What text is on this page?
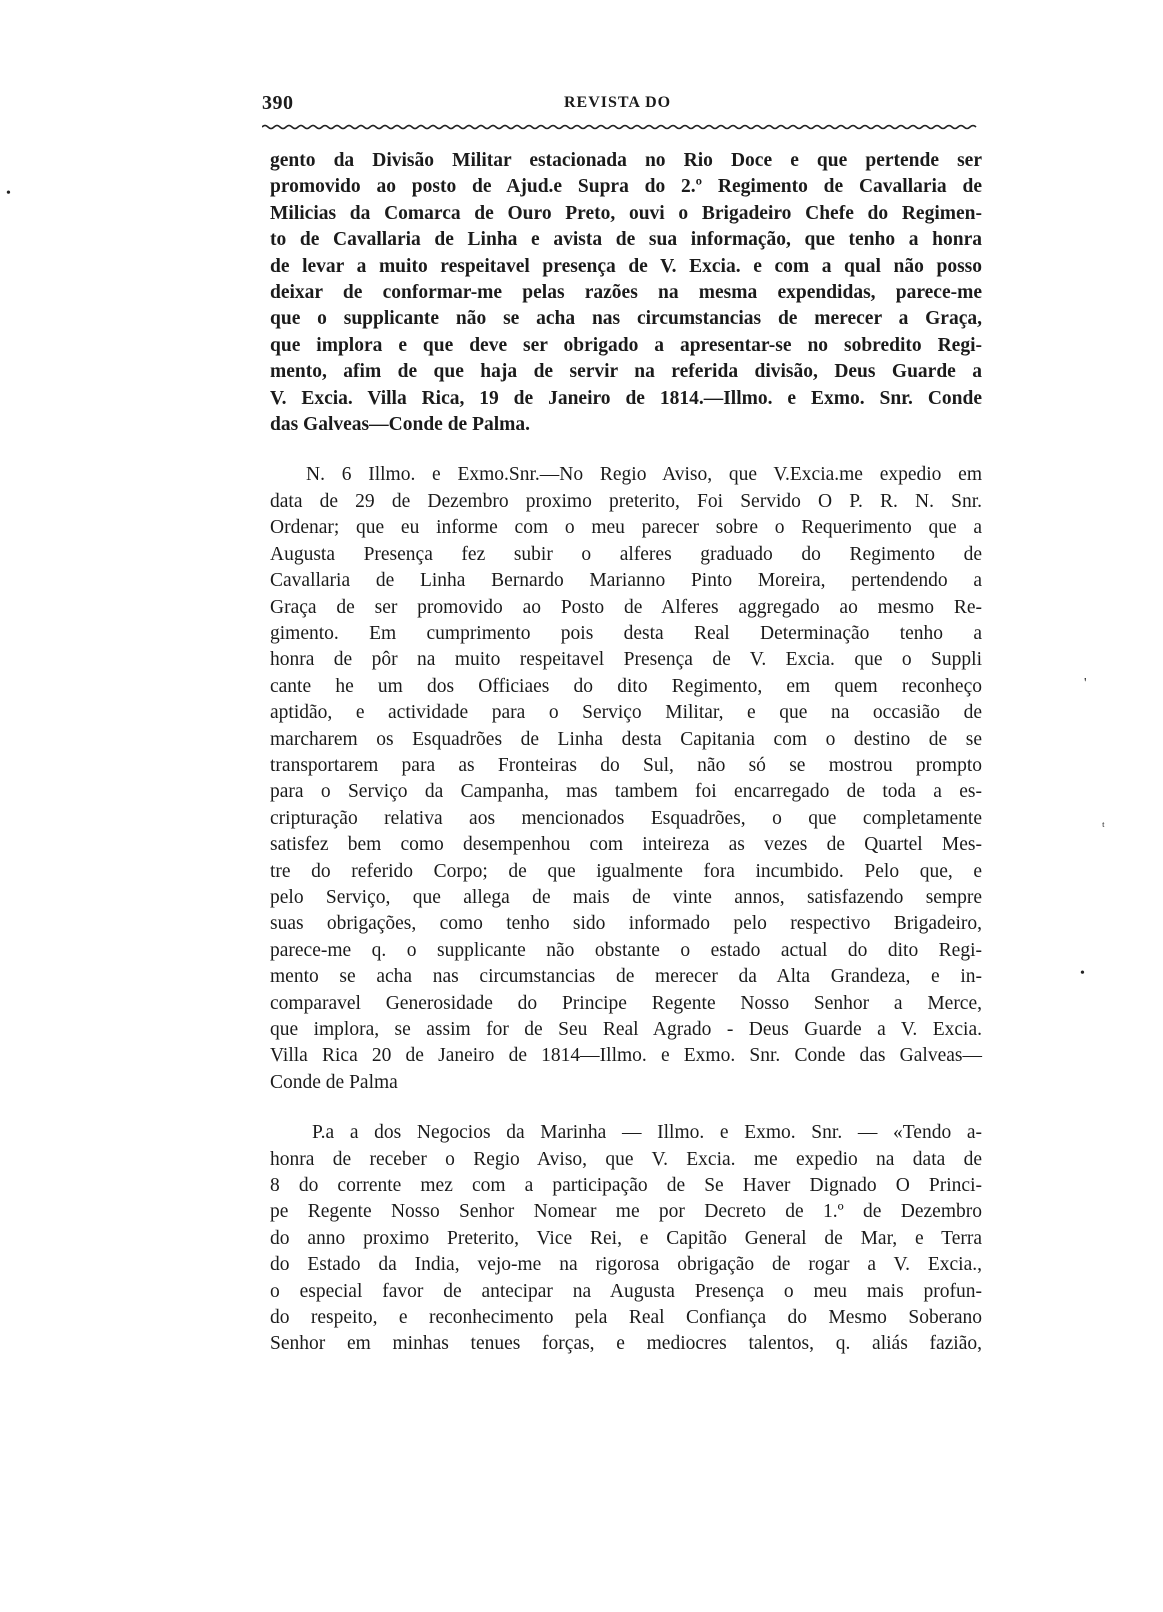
390	REVISTA DO

gento da Divisão Militar estacionada no Rio Doce e que pertende ser
promovido ao posto de Ajud.e Supra do 2.º Regimento de Cavallaria de
Milicias da Comarca de Ouro Preto, ouvi o Brigadeiro Chefe do Regimen-
to de Cavallaria de Linha e avista de sua informação, que tenho a honra
de levar a muito respeitavel presença de V. Excia. e com a qual não posso
deixar de conformar-me pelas razões na mesma expendidas, parece-me
que o supplicante não se acha nas circumstancias de merecer a Graça,
que implora e que deve ser obrigado a apresentar-se no sobredito Regi-
mento, afim de que haja de servir na referida divisão, Deus Guarde a
V. Excia. Villa Rica, 19 de Janeiro de 1814.—Illmo. e Exmo. Snr. Conde
das Galveas—Conde de Palma.

N. 6 Illmo. e Exmo.Snr.—No Regio Aviso, que V.Excia.me expedio em
data de 29 de Dezembro proximo preterito, Foi Servido O P. R. N. Snr.
Ordenar; que eu informe com o meu parecer sobre o Requerimento que a
Augusta Presença fez subir o alferes graduado do Regimento de
Cavallaria de Linha Bernardo Marianno Pinto Moreira, pertendendo a
Graça de ser promovido ao Posto de Alferes aggregado ao mesmo Re-
gimento. Em cumprimento pois desta Real Determinação tenho a
honra de pôr na muito respeitavel Presença de V. Excia. que o Suppli
cante he um dos Officiaes do dito Regimento, em quem reconheço
aptidão, e actividade para o Serviço Militar, e que na occasião de
marcharem os Esquadrões de Linha desta Capitania com o destino de se
transportarem para as Fronteiras do Sul, não só se mostrou prompto
para o Serviço da Campanha, mas tambem foi encarregado de toda a es-
cripturação relativa aos mencionados Esquadrões, o que completamente
satisfez bem como desempenhou com inteireza as vezes de Quartel Mes-
tre do referido Corpo; de que igualmente fora incumbido. Pelo que, e
pelo Serviço, que allega de mais de vinte annos, satisfazendo sempre
suas obrigações, como tenho sido informado pelo respectivo Brigadeiro,
parece-me q. o supplicante não obstante o estado actual do dito Regi-
mento se acha nas circumstancias de merecer da Alta Grandeza, e in-
comparavel Generosidade do Principe Regente Nosso Senhor a Merce,
que implora, se assim for de Seu Real Agrado - Deus Guarde a V. Excia.
Villa Rica 20 de Janeiro de 1814—Illmo. e Exmo. Snr. Conde das Galveas—
Conde de Palma

P.a a dos Negocios da Marinha — Illmo. e Exmo. Snr. — «Tendo a-
honra de receber o Regio Aviso, que V. Excia. me expedio na data de
8 do corrente mez com a participação de Se Haver Dignado O Princi-
pe Regente Nosso Senhor Nomear me por Decreto de 1.º de Dezembro
do anno proximo Preterito, Vice Rei, e Capitão General de Mar, e Terra
do Estado da India, vejo-me na rigorosa obrigação de rogar a V. Excia.,
o especial favor de antecipar na Augusta Presença o meu mais profun-
do respeito, e reconhecimento pela Real Confiança do Mesmo Soberano
Senhor em minhas tenues forças, e mediocres talentos, q. aliás fazião,

•
'
ᵗ
•
